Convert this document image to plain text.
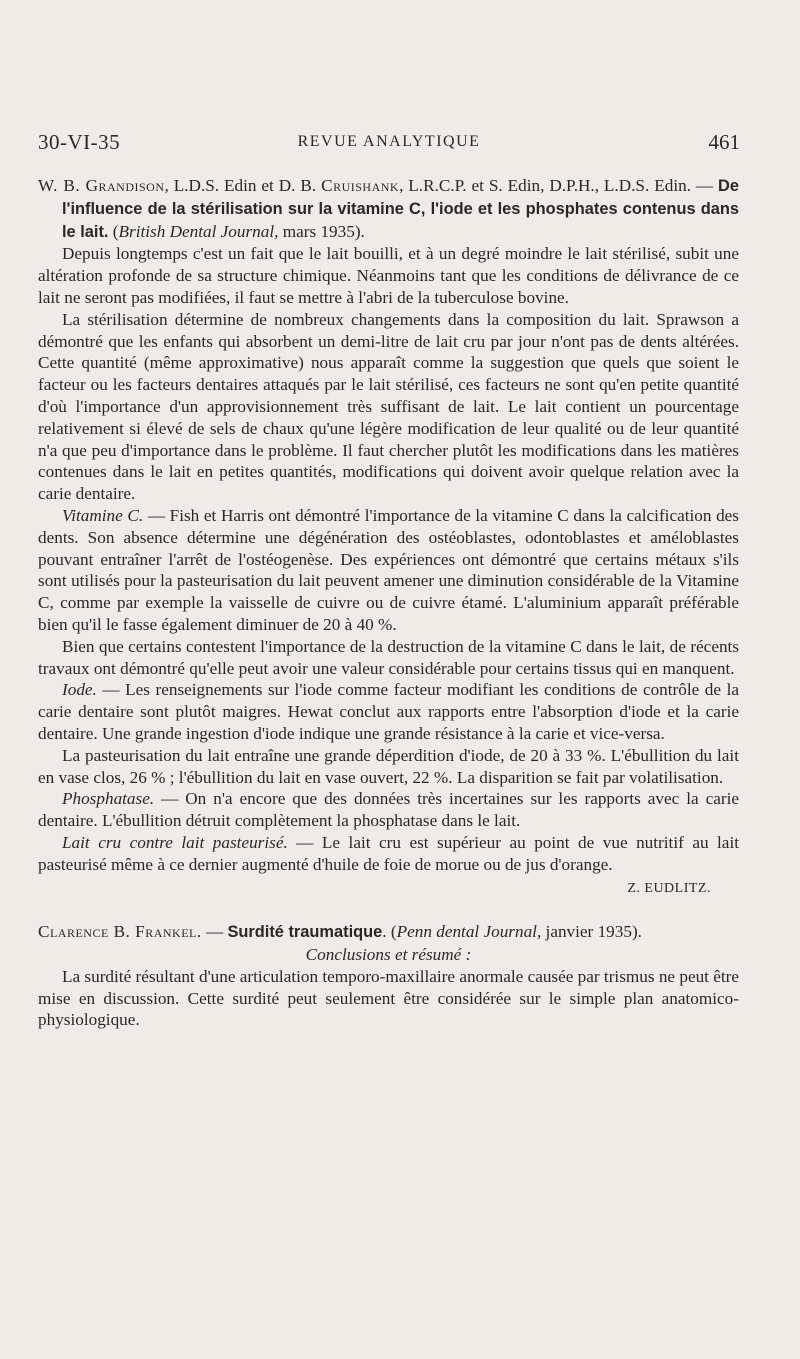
30-VI-35	REVUE ANALYTIQUE	461

W. B. Grandison, L.D.S. Edin et D. B. Cruishank, L.R.C.P. et S. Edin, D.P.H., L.D.S. Edin. — De l'influence de la stérilisation sur la vitamine C, l'iode et les phosphates contenus dans le lait. (British Dental Journal, mars 1935).

Depuis longtemps c'est un fait que le lait bouilli, et à un degré moindre le lait stérilisé, subit une altération profonde de sa structure chimique. Néanmoins tant que les conditions de délivrance de ce lait ne seront pas modifiées, il faut se mettre à l'abri de la tuberculose bovine.

La stérilisation détermine de nombreux changements dans la composition du lait. Sprawson a démontré que les enfants qui absorbent un demi-litre de lait cru par jour n'ont pas de dents altérées. Cette quantité (même approximative) nous apparaît comme la suggestion que quels que soient le facteur ou les facteurs dentaires attaqués par le lait stérilisé, ces facteurs ne sont qu'en petite quantité d'où l'importance d'un approvisionnement très suffisant de lait. Le lait contient un pourcentage relativement si élevé de sels de chaux qu'une légère modification de leur qualité ou de leur quantité n'a que peu d'importance dans le problème. Il faut chercher plutôt les modifications dans les matières contenues dans le lait en petites quantités, modifications qui doivent avoir quelque relation avec la carie dentaire.

Vitamine C. — Fish et Harris ont démontré l'importance de la vitamine C dans la calcification des dents. Son absence détermine une dégénération des ostéoblastes, odontoblastes et améloblastes pouvant entraîner l'arrêt de l'ostéogenèse. Des expériences ont démontré que certains métaux s'ils sont utilisés pour la pasteurisation du lait peuvent amener une diminution considérable de la Vitamine C, comme par exemple la vaisselle de cuivre ou de cuivre étamé. L'aluminium apparaît préférable bien qu'il le fasse également diminuer de 20 à 40 %.

Bien que certains contestent l'importance de la destruction de la vitamine C dans le lait, de récents travaux ont démontré qu'elle peut avoir une valeur considérable pour certains tissus qui en manquent.

Iode. — Les renseignements sur l'iode comme facteur modifiant les conditions de contrôle de la carie dentaire sont plutôt maigres. Hewat conclut aux rapports entre l'absorption d'iode et la carie dentaire. Une grande ingestion d'iode indique une grande résistance à la carie et vice-versa.

La pasteurisation du lait entraîne une grande déperdition d'iode, de 20 à 33 %. L'ébullition du lait en vase clos, 26 % ; l'ébullition du lait en vase ouvert, 22 %. La disparition se fait par volatilisation.

Phosphatase. — On n'a encore que des données très incertaines sur les rapports avec la carie dentaire. L'ébullition détruit complètement la phosphatase dans le lait.

Lait cru contre lait pasteurisé. — Le lait cru est supérieur au point de vue nutritif au lait pasteurisé même à ce dernier augmenté d'huile de foie de morue ou de jus d'orange.

Z. EUDLITZ.

Clarence B. Frankel. — Surdité traumatique. (Penn dental Journal, janvier 1935).

Conclusions et résumé :

La surdité résultant d'une articulation temporo-maxillaire anormale causée par trismus ne peut être mise en discussion. Cette surdité peut seulement être considérée sur le simple plan anatomico-physiologique.
